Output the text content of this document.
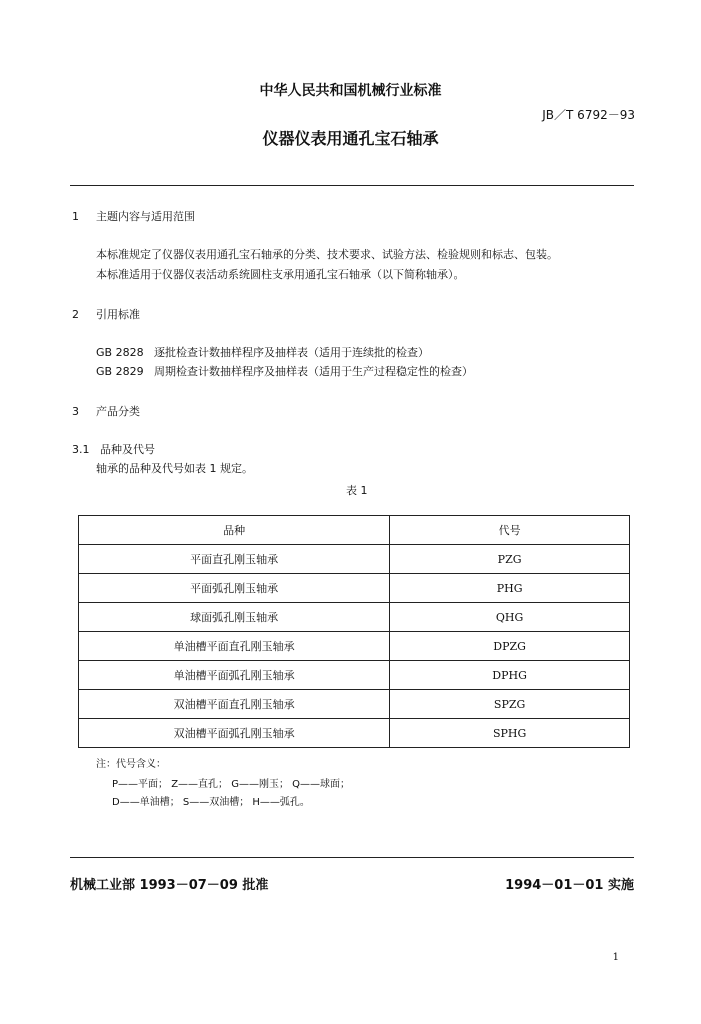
中华人民共和国机械行业标准
JB／T 6792－93
仪器仪表用通孔宝石轴承
1 主题内容与适用范围
本标准规定了仪器仪表用通孔宝石轴承的分类、技术要求、试验方法、检验规则和标志、包装。
本标准适用于仪器仪表活动系统圆柱支承用通孔宝石轴承（以下简称轴承）。
2 引用标准
GB 2828 逐批检查计数抽样程序及抽样表（适用于连续批的检查）
GB 2829 周期检查计数抽样程序及抽样表（适用于生产过程稳定性的检查）
3 产品分类
3.1 品种及代号
轴承的品种及代号如表 1 规定。
表 1
品种	代号
平面直孔刚玉轴承	PZG
平面弧孔刚玉轴承	PHG
球面弧孔刚玉轴承	QHG
单油槽平面直孔刚玉轴承	DPZG
单油槽平面弧孔刚玉轴承	DPHG
双油槽平面直孔刚玉轴承	SPZG
双油槽平面弧孔刚玉轴承	SPHG
注：代号含义：
P——平面； Z——直孔； G——刚玉； Q——球面；
D——单油槽； S——双油槽； H——弧孔。
机械工业部 1993－07－09 批准	1994－01－01 实施
1
